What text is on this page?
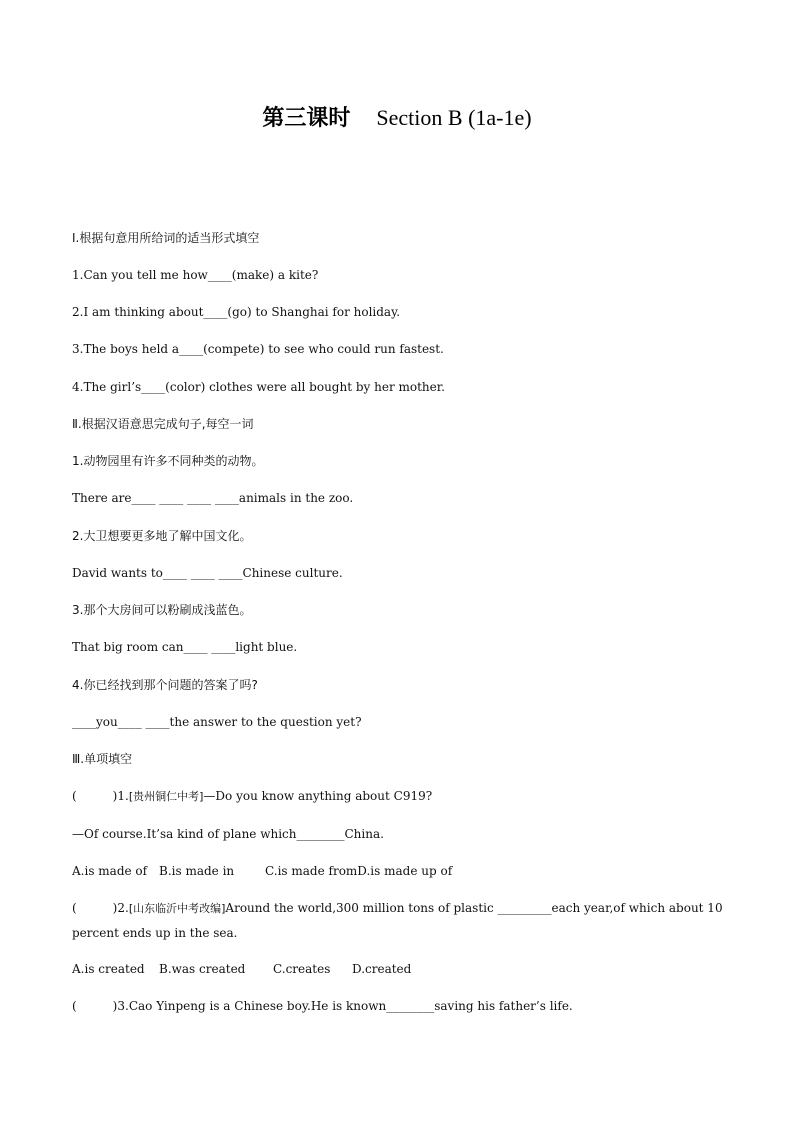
第三课时 Section B (1a-1e)
Ⅰ.根据句意用所给词的适当形式填空
1.Can you tell me how____(make) a kite?
2.I am thinking about____(go) to Shanghai for holiday.
3.The boys held a____(compete) to see who could run fastest.
4.The girl’s____(color) clothes were all bought by her mother.
Ⅱ.根据汉语意思完成句子,每空一词
1.动物园里有许多不同种类的动物。
There are____ ____ ____ ____animals in the zoo.
2.大卫想要更多地了解中国文化。
David wants to____ ____ ____Chinese culture.
3.那个大房间可以粉刷成浅蓝色。
That big room can____ ____light blue.
4.你已经找到那个问题的答案了吗?
____you____ ____the answer to the question yet?
Ⅲ.单项填空
(　　　)1.[贵州铜仁中考]—Do you know anything about C919?
—Of course.It’sa kind of plane which________China.
A.is made of B.is made in	C.is made fromD.is made up of
(　　　)2.[山东临沂中考改编]Around the world,300 million tons of plastic _________each year,of which about 10 percent ends up in the sea.
A.is created B.was created C.creates D.created
(　　　)3.Cao Yinpeng is a Chinese boy.He is known________saving his father’s life.
